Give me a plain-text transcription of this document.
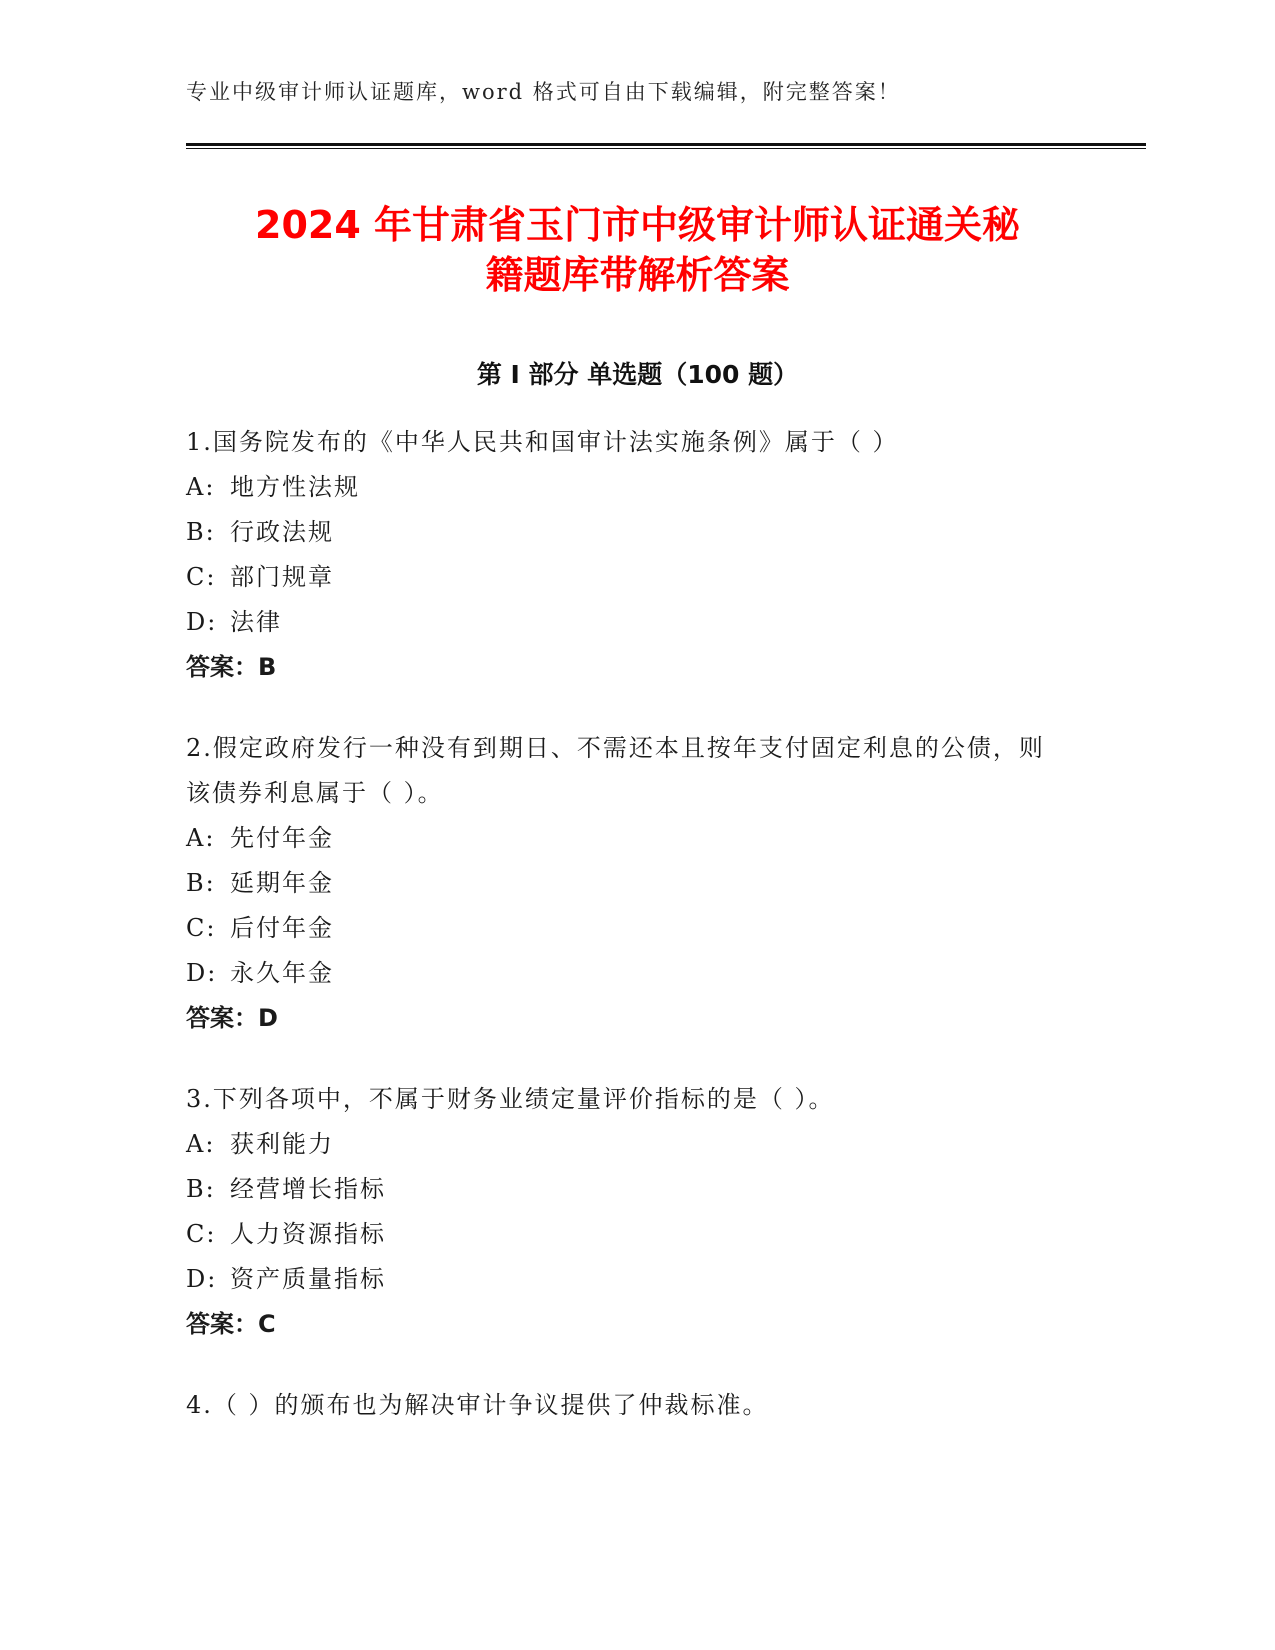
专业中级审计师认证题库，word 格式可自由下载编辑，附完整答案！
2024 年甘肃省玉门市中级审计师认证通关秘
籍题库带解析答案
第 I 部分 单选题（100 题）

1.国务院发布的《中华人民共和国审计法实施条例》属于（ ）

A: 地方性法规

B: 行政法规

C: 部门规章

D: 法律

答案：B

2.假定政府发行一种没有到期日、不需还本且按年支付固定利息的公债，则该债券利息属于（ ）。

A: 先付年金

B: 延期年金

C: 后付年金

D: 永久年金

答案：D

3.下列各项中，不属于财务业绩定量评价指标的是（ ）。

A: 获利能力

B: 经营增长指标

C: 人力资源指标

D: 资产质量指标

答案：C

4.（ ）的颁布也为解决审计争议提供了仲裁标准。
